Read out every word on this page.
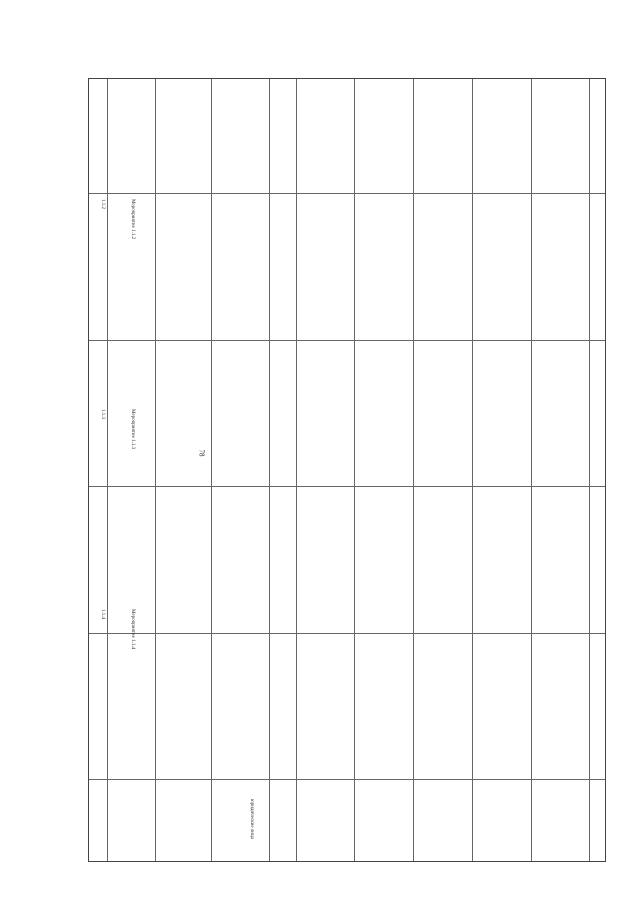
78
Мероприятие 1.1.2
Мероприятие 1.1.3
Мероприятие 1.1.4
1.1.2
1.1.3
1.1.4
юридические лица
